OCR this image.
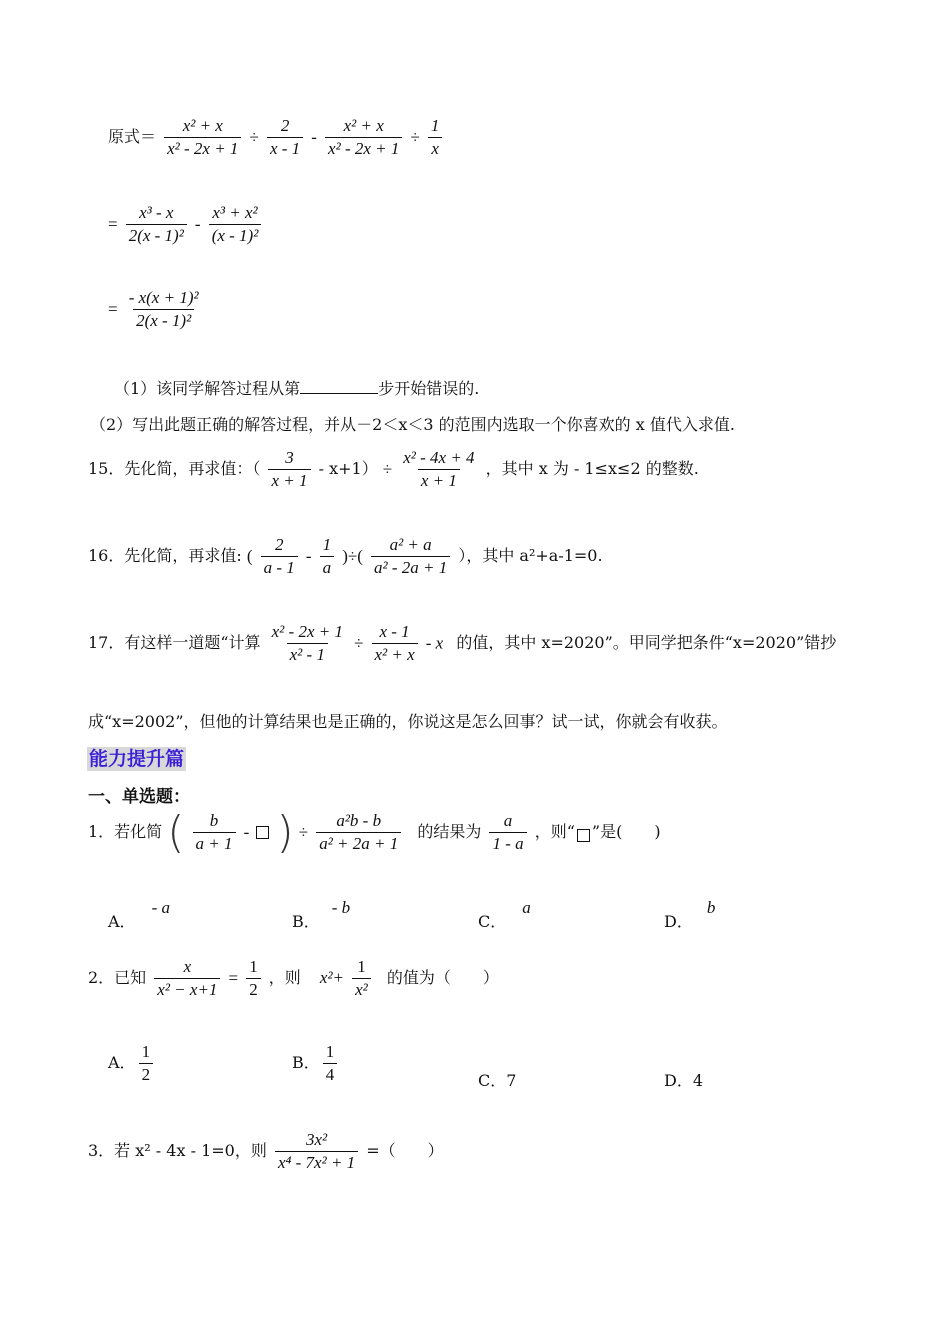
原式＝ $\frac{\text{x² + x}}{\text{x² - 2x + 1}} \div \frac{2}{x - 1} - \frac{\text{x² + x}}{\text{x² - 2x + 1}} \div \frac{1}{x}$
= $\frac{\text{x³ - x}}{\text{2(x - 1)²}} - \frac{\text{x³ + x²}}{\text{(x - 1)²}}$
= $\frac{\text{- x(x + 1)²}}{\text{2(x - 1)²}}$
（1）该同学解答过程从第	步开始错误的.
（2）写出此题正确的解答过程，并从－2＜x＜3 的范围内选取一个你喜欢的 x 值代入求值.
15．先化简，再求值：（ $\frac{3}{x + 1} - x+1) \div \frac{\text{x² - 4x + 4}}{x + 1}$ ，其中 x 为 - 1≤x≤2 的整数.
16．先化简，再求值: ( $\frac{2}{a - 1} - \frac{1}{a}$ )÷( $\frac{\text{a² + a}}{\text{a² - 2a + 1}}$ ），其中 a²+a-1=0.
17．有这样一道题“计算 $\frac{\text{x² - 2x + 1}}{\text{x² - 1}} \div \frac{x - 1}{\text{x² + x}} - x$ 的值，其中 x=2020”。甲同学把条件“x=2020”错抄
成“x=2002”，但他的计算结果也是正确的，你说这是怎么回事？试一试，你就会有收获。
能力提升篇
一、单选题：
1．若化简 ( $\frac{b}{a + 1}$ - ) ÷ $\frac{\text{a²b - b}}{\text{a² + 2a + 1}}$ 的结果为 $\frac{a}{1 - a}$ ，则“ ”是(　　)
A．- a
B．- b
C．a
D．b
2．已知 $\frac{x}{\text{x² − x+1}} = \frac{1}{2}$ ，则 $x^2+ \frac{1}{\text{x²}}$ 的值为（　　）
A． $\frac{1}{2}$	B． $\frac{1}{4}$	C．7	D．4
3．若 x² - 4x - 1=0，则 $\frac{\text{3x²}}{\text{x⁴ - 7x² + 1}}$ =（　　）
